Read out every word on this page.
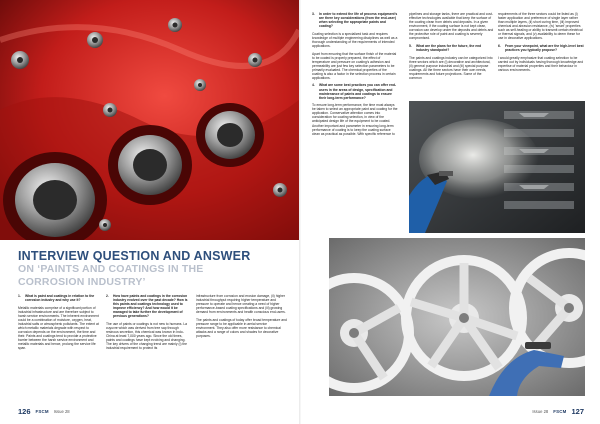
INTERVIEW QUESTION AND ANSWER
ON ‘PAINTS AND COATINGS IN THE
CORROSION INDUSTRY’

1. What is paint and coatings in relation to the corrosion industry and why use it?

Metallic materials comprise of a significant portion of industrial infrastructure and are therefore subject to harsh service environments. The inherent environment could be a combination of moisture, oxygen, heat, industrial salts or atmospheric pollutants. The extent at which metallic materials degrade with respect to corrosion depends on the environment, the time and their. Paints and coatings tend to provide a protective barrier between the harsh service environment and metallic materials and hence, prolong the service life span.

2. How have paints and coatings in the corrosion industry evolved over the past decade? How is this paints and coatings technology used to improve efficiency? And how would it be managed to take further the development of previous generations?

The use of paints or coatings is not new to humans. La cuyuvre which was derived from tree sap through resinous secretion, this chemical was known in Indo-China at least 7,000 years ago. Since the old times, paints and coatings have kept evolving and changing. The key drivers of the changing trend are mainly (i) the industrial requirement to protect its

infrastructure from corrosion and erosion damage, (ii) higher industrial throughput requiring higher temperature and pressure to operate and hence creating a need of higher performance-based coating specifications and (iii) growing demand from environments and health conscious end-users.

The paints and coatings of today offer broad temperature and pressure range to be applicable in aerial service environment. They also offer more resistance to chemical attacks and a range of colors and shades for decorative purposes.

3. In order to extend the life of process equipment's are there key considerations (from the end-user) when selecting the appropriate paints and coating?

Coating selection is a specialized task and requires knowledge of multiple engineering disciplines as well as a thorough understanding of the requirements of intended applications.

Apart from ensuring that the surface finish of the material to be coated is properly prepared, the effect of temperature and pressure on coating's adhesion and permeability are just few key selection parameters to be primarily evaluated. The chemical properties of the coating is also a factor in the selection process in certain applications.

4. What are some best practices you can offer end-users in the areas of design, specification and maintenance of paints and coatings to ensure their long-term performance?

To ensure long-term performance, the time must always be taken to select an appropriate paint and coating for the application. Conservative attention comes into consideration for coating selection, in view of the anticipated design life of the equipment to be coated. Another important and parameter in ensuring long-term performance of coating is to keep the coating surface clean as practical as possible. With specific reference to

pipelines and storage tanks, there are practical and cost-effective technologies available that keep the surface of the coating clean from debris and deposits. In a given environment, if the coating surface is not kept clean, corrosion can develop under the deposits and debris and the protective role of paint and coating is severely compromised.

5. What are the plans for the future, the end industry standpoint?

The paints and coatings industry can be categorized into three sectors which are (i) decorative and architectural, (ii) general purpose industrial and (iii) special purpose coatings. All the three sectors have their own needs, requirements and future projections. Some of the common

requirements of the three sectors could be listed as (i) faster application and preference of single layer rather than multiple layers, (ii) short curing time, (iii) improved chemical and abrasion resistance, (iv) 'smart' properties such as self-healing or ability to transmit certain electrical or thermal signals, and (v) availability to deem these for use in decorative applications.

6. From your viewpoint, what are the high-level best practices you typically propose?

I would greatly emphasize that coating selection to be carried out by individuals having thorough knowledge and expertise of material properties and their behaviour in various environments.

126 FSCM Issue 28	Issue 28 FSCM 127
